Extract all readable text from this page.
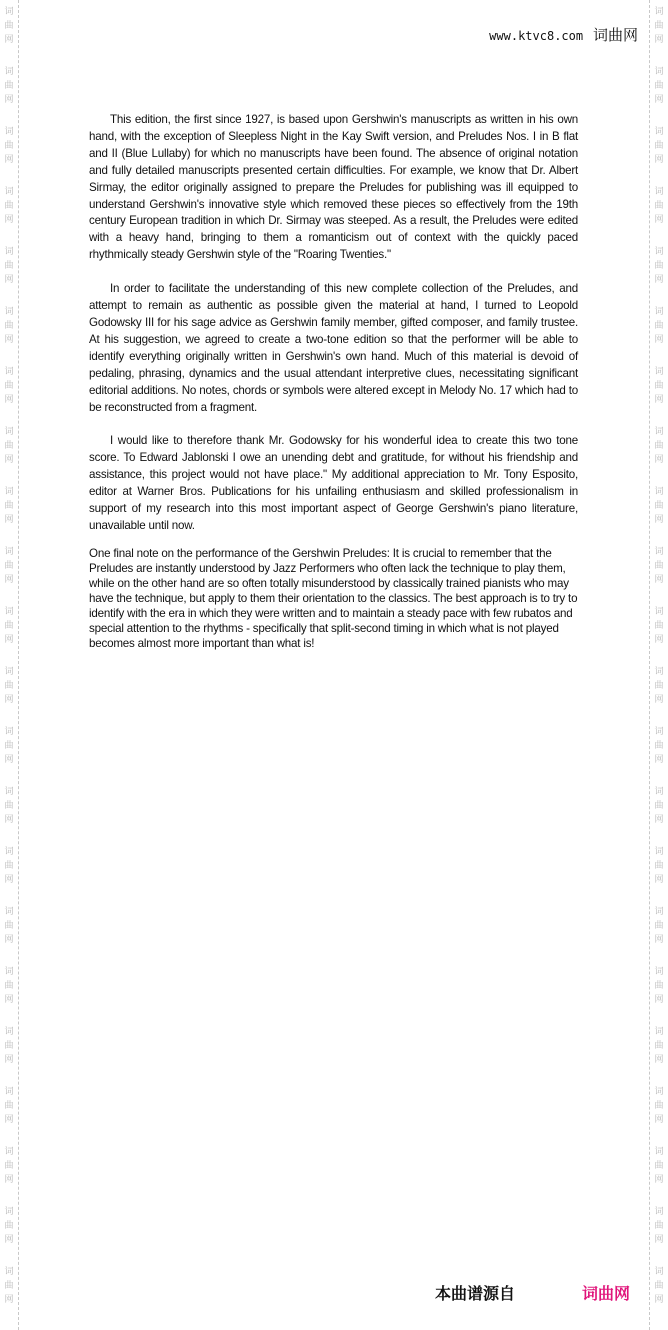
词
曲
网
词
曲
网
词
曲
网
词
曲
网
词
曲
网
词
曲
网
词
曲
网
词
曲
网
词
曲
网
词
曲
网
词
曲
网
词
曲
网
词
曲
网
词
曲
网
词
曲
网
词
曲
网
词
曲
网
词
曲
网
词
曲
网
词
曲
网
词
曲
网
词
曲
网
词
曲
网
词
曲
网
词
曲
网
词
曲
网
词
曲
网
词
曲
网
词
曲
网
词
曲
网
词
曲
网
词
曲
网
词
曲
网
词
曲
网
词
曲
网
词
曲
网
词
曲
网
词
曲
网
词
曲
网
词
曲
网
词
曲
网
词
曲
网
词
曲
网
词
曲
网
www.ktvc8.com 词曲网

This edition, the first since 1927, is based upon Gershwin's manuscripts as written in his own hand, with the exception of Sleepless Night in the Kay Swift version, and Preludes Nos. I in B flat and II (Blue Lullaby) for which no manuscripts have been found. The absence of original notation and fully detailed manuscripts presented certain difficulties. For example, we know that Dr. Albert Sirmay, the editor originally assigned to prepare the Preludes for publishing was ill equipped to understand Gershwin's innovative style which removed these pieces so effectively from the 19th century European tradition in which Dr. Sirmay was steeped. As a result, the Preludes were edited with a heavy hand, bringing to them a romanticism out of context with the quickly paced rhythmically steady Gershwin style of the "Roaring Twenties."

In order to facilitate the understanding of this new complete collection of the Preludes, and attempt to remain as authentic as possible given the material at hand, I turned to Leopold Godowsky III for his sage advice as Gershwin family member, gifted composer, and family trustee. At his suggestion, we agreed to create a two-tone edition so that the performer will be able to identify everything originally written in Gershwin's own hand. Much of this material is devoid of pedaling, phrasing, dynamics and the usual attendant interpretive clues, necessitating significant editorial additions. No notes, chords or symbols were altered except in Melody No. 17 which had to be reconstructed from a fragment.

I would like to therefore thank Mr. Godowsky for his wonderful idea to create this two tone score. To Edward Jablonski I owe an unending debt and gratitude, for without his friendship and assistance, this project would not have place." My additional appreciation to Mr. Tony Esposito, editor at Warner Bros. Publications for his unfailing enthusiasm and skilled professionalism in support of my research into this most important aspect of George Gershwin's piano literature, unavailable until now.

One final note on the performance of the Gershwin Preludes: It is crucial to remember that the Preludes are instantly understood by Jazz Performers who often lack the technique to play them, while on the other hand are so often totally misunderstood by classically trained pianists who may have the technique, but apply to them their orientation to the classics. The best approach is to try to identify with the era in which they were written and to maintain a steady pace with few rubatos and special attention to the rhythms - specifically that split-second timing in which what is not played becomes almost more important than what is!

本曲谱源自	词曲网
